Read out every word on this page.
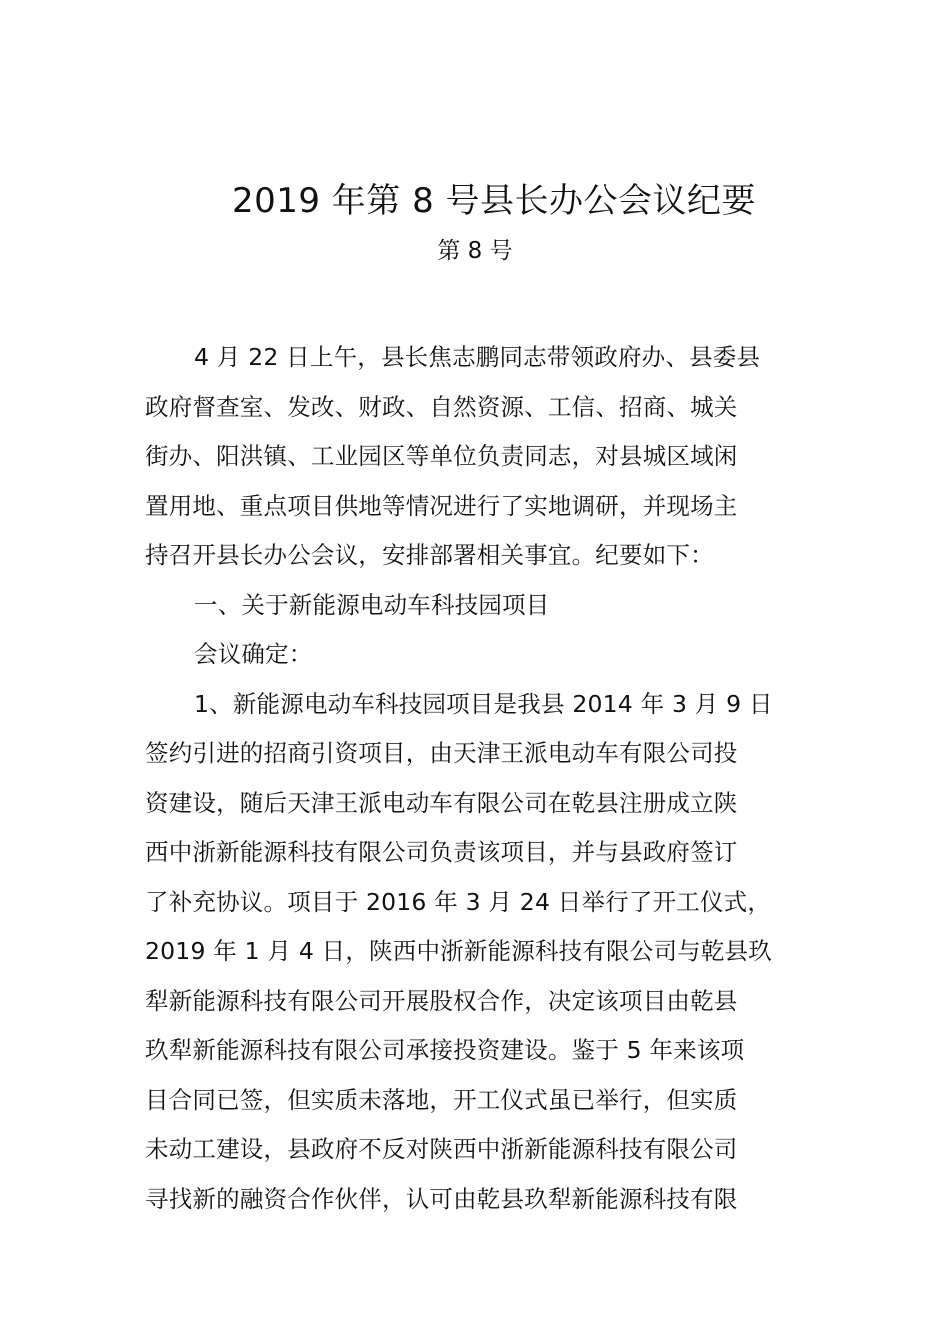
2019 年第 8 号县长办公会议纪要
第 8 号
4 月 22 日上午，县长焦志鹏同志带领政府办、县委县
政府督查室、发改、财政、自然资源、工信、招商、城关
街办、阳洪镇、工业园区等单位负责同志，对县城区域闲
置用地、重点项目供地等情况进行了实地调研，并现场主
持召开县长办公会议，安排部署相关事宜。纪要如下：
一、关于新能源电动车科技园项目
会议确定：
1、新能源电动车科技园项目是我县 2014 年 3 月 9 日
签约引进的招商引资项目，由天津王派电动车有限公司投
资建设，随后天津王派电动车有限公司在乾县注册成立陕
西中浙新能源科技有限公司负责该项目，并与县政府签订
了补充协议。项目于 2016 年 3 月 24 日举行了开工仪式，
2019 年 1 月 4 日，陕西中浙新能源科技有限公司与乾县玖
犁新能源科技有限公司开展股权合作，决定该项目由乾县
玖犁新能源科技有限公司承接投资建设。鉴于 5 年来该项
目合同已签，但实质未落地，开工仪式虽已举行，但实质
未动工建设，县政府不反对陕西中浙新能源科技有限公司
寻找新的融资合作伙伴，认可由乾县玖犁新能源科技有限
